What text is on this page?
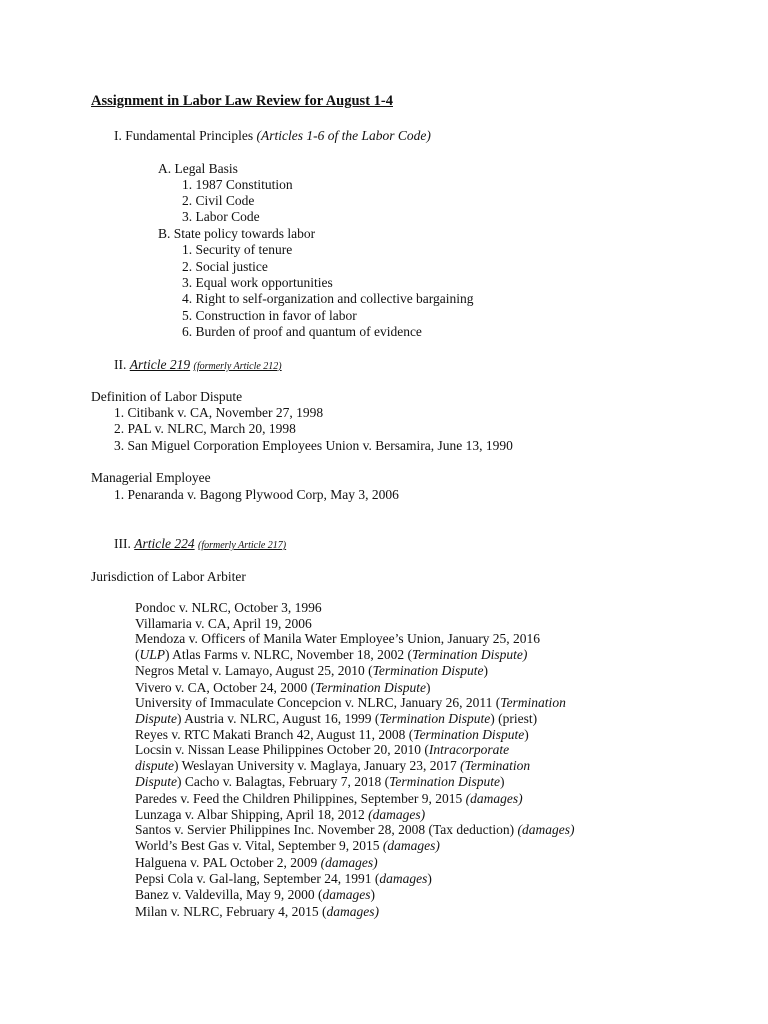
Assignment in Labor Law Review for August 1-4
I. Fundamental Principles (Articles 1-6 of the Labor Code)
A. Legal Basis
1. 1987 Constitution
2. Civil Code
3. Labor Code
B. State policy towards labor
1. Security of tenure
2. Social justice
3. Equal work opportunities
4. Right to self-organization and collective bargaining
5. Construction in favor of labor
6. Burden of proof and quantum of evidence
II. Article 219 (formerly Article 212)
Definition of Labor Dispute
1. Citibank v. CA, November 27, 1998
2. PAL v. NLRC, March 20, 1998
3. San Miguel Corporation Employees Union v. Bersamira, June 13, 1990
Managerial Employee
1. Penaranda v. Bagong Plywood Corp, May 3, 2006
III. Article 224 (formerly Article 217)
Jurisdiction of Labor Arbiter
Pondoc v. NLRC, October 3, 1996
Villamaria v. CA, April 19, 2006
Mendoza v. Officers of Manila Water Employee’s Union, January 25, 2016
(ULP) Atlas Farms v. NLRC, November 18, 2002 (Termination Dispute)
Negros Metal v. Lamayo, August 25, 2010 (Termination Dispute)
Vivero v. CA, October 24, 2000 (Termination Dispute)
University of Immaculate Concepcion v. NLRC, January 26, 2011 (Termination
Dispute) Austria v. NLRC, August 16, 1999 (Termination Dispute) (priest)
Reyes v. RTC Makati Branch 42, August 11, 2008 (Termination Dispute)
Locsin v. Nissan Lease Philippines October 20, 2010 (Intracorporate
dispute) Weslayan University v. Maglaya, January 23, 2017 (Termination
Dispute) Cacho v. Balagtas, February 7, 2018 (Termination Dispute)
Paredes v. Feed the Children Philippines, September 9, 2015 (damages)
Lunzaga v. Albar Shipping, April 18, 2012 (damages)
Santos v. Servier Philippines Inc. November 28, 2008 (Tax deduction) (damages)
World’s Best Gas v. Vital, September 9, 2015 (damages)
Halguena v. PAL October 2, 2009 (damages)
Pepsi Cola v. Gal-lang, September 24, 1991 (damages)
Banez v. Valdevilla, May 9, 2000 (damages)
Milan v. NLRC, February 4, 2015 (damages)
